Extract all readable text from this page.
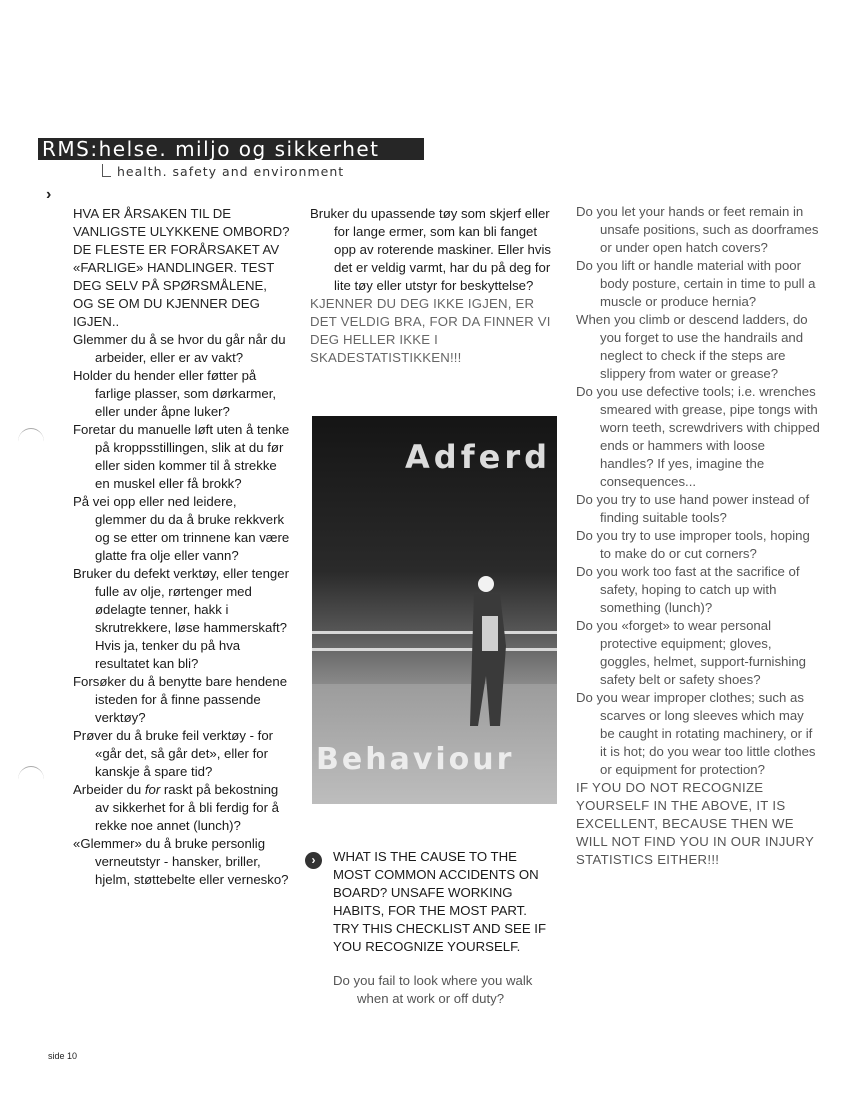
RMS:helse. miljo og sikkerhet
health. safety and environment
›

HVA ER ÅRSAKEN TIL DE VANLIGSTE ULYKKENE OMBORD? DE FLESTE ER FORÅRSAKET AV «FARLIGE» HANDLINGER. TEST DEG SELV PÅ SPØRSMÅLENE, OG SE OM DU KJENNER DEG IGJEN..

Glemmer du å se hvor du går når du arbeider, eller er av vakt?

Holder du hender eller føtter på farlige plasser, som dørkarmer, eller under åpne luker?

Foretar du manuelle løft uten å tenke på kroppsstillingen, slik at du før eller siden kommer til å strekke en muskel eller få brokk?

På vei opp eller ned leidere, glemmer du da å bruke rekkverk og se etter om trinnene kan være glatte fra olje eller vann?

Bruker du defekt verktøy, eller tenger fulle av olje, rørtenger med ødelagte tenner, hakk i skrutrekkere, løse hammerskaft? Hvis ja, tenker du på hva resultatet kan bli?

Forsøker du å benytte bare hendene isteden for å finne passende verktøy?

Prøver du å bruke feil verktøy - for «går det, så går det», eller for kanskje å spare tid?

Arbeider du for raskt på bekostning av sikkerhet for å bli ferdig for å rekke noe annet (lunch)?

«Glemmer» du å bruke personlig verneutstyr - hansker, briller, hjelm, støttebelte eller vernesko?

Bruker du upassende tøy som skjerf eller for lange ermer, som kan bli fanget opp av roterende maskiner. Eller hvis det er veldig varmt, har du på deg for lite tøy eller utstyr for beskyttelse?

KJENNER DU DEG IKKE IGJEN, ER DET VELDIG BRA, FOR DA FINNER VI DEG HELLER IKKE I SKADESTATISTIKKEN!!!

Adferd
Behaviour
›	WHAT IS THE CAUSE TO THE MOST COMMON ACCIDENTS ON BOARD? UNSAFE WORKING HABITS, FOR THE MOST PART. TRY THIS CHECKLIST AND SEE IF YOU RECOGNIZE YOURSELF.

Do you fail to look where you walk when at work or off duty?

Do you let your hands or feet remain in unsafe positions, such as doorframes or under open hatch covers?

Do you lift or handle material with poor body posture, certain in time to pull a muscle or produce hernia?

When you climb or descend ladders, do you forget to use the handrails and neglect to check if the steps are slippery from water or grease?

Do you use defective tools; i.e. wrenches smeared with grease, pipe tongs with worn teeth, screwdrivers with chipped ends or hammers with loose handles? If yes, imagine the consequences...

Do you try to use hand power instead of finding suitable tools?

Do you try to use improper tools, hoping to make do or cut corners?

Do you work too fast at the sacrifice of safety, hoping to catch up with something (lunch)?

Do you «forget» to wear personal protective equipment; gloves, goggles, helmet, support-furnishing safety belt or safety shoes?

Do you wear improper clothes; such as scarves or long sleeves which may be caught in rotating machinery, or if it is hot; do you wear too little clothes or equipment for protection?

IF YOU DO NOT RECOGNIZE YOURSELF IN THE ABOVE, IT IS EXCELLENT, BECAUSE THEN WE WILL NOT FIND YOU IN OUR INJURY STATISTICS EITHER!!!

side 10
